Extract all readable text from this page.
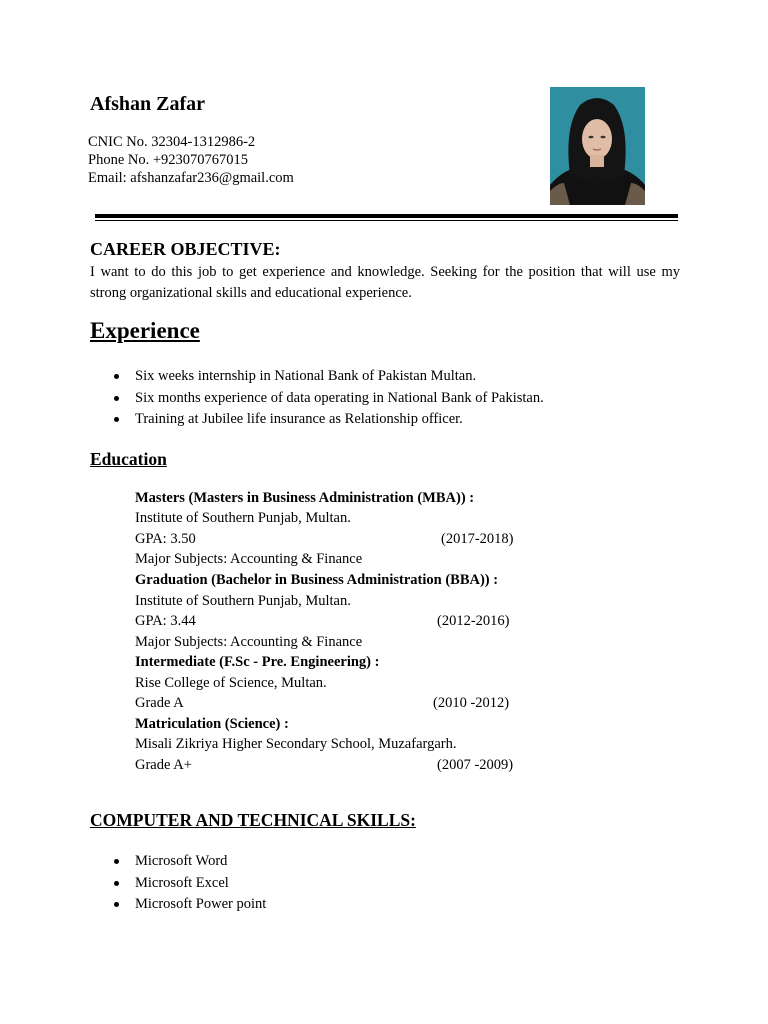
Afshan Zafar
CNIC No. 32304-1312986-2
Phone No. +923070767015
Email: afshanzafar236@gmail.com
CAREER OBJECTIVE:
I want to do this job to get experience and knowledge. Seeking for the position that will use my strong organizational skills and educational experience.
Experience
Six weeks internship in National Bank of Pakistan Multan.
Six months experience of data operating in National Bank of Pakistan.
Training at Jubilee life insurance as Relationship officer.
Education
Masters (Masters in Business Administration (MBA)) :
Institute of Southern Punjab, Multan.
GPA: 3.50	(2017-2018)
Major Subjects: Accounting & Finance
Graduation (Bachelor in Business Administration (BBA)) :
Institute of Southern Punjab, Multan.
GPA: 3.44	(2012-2016)
Major Subjects: Accounting & Finance
Intermediate (F.Sc - Pre. Engineering) :
Rise College of Science, Multan.
Grade A	(2010 -2012)
Matriculation (Science) :
Misali Zikriya Higher Secondary School, Muzafargarh.
Grade A+	(2007 -2009)
COMPUTER AND TECHNICAL SKILLS:
Microsoft Word
Microsoft Excel
Microsoft Power point
